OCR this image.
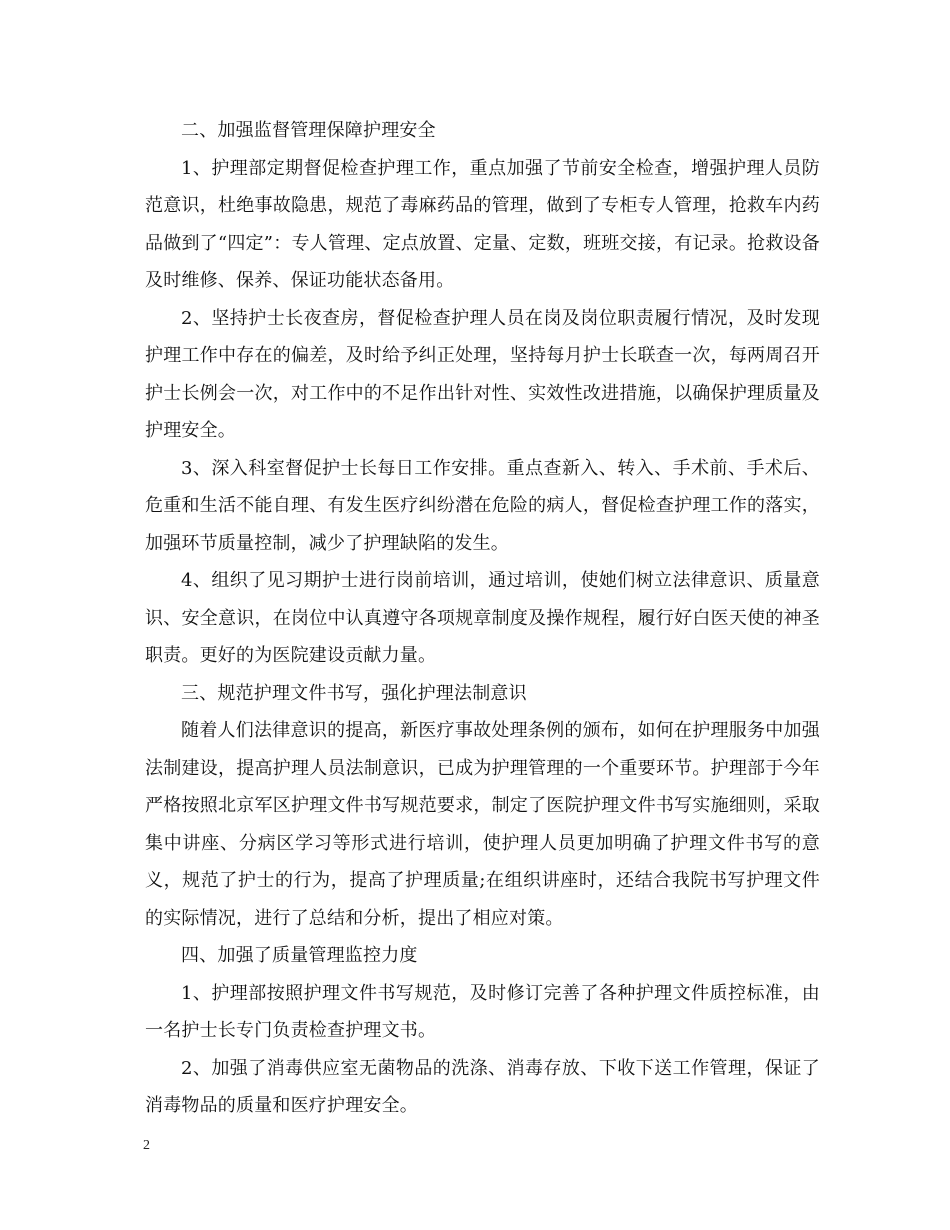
二、加强监督管理保障护理安全

1、护理部定期督促检查护理工作，重点加强了节前安全检查，增强护理人员防范意识，杜绝事故隐患，规范了毒麻药品的管理，做到了专柜专人管理，抢救车内药品做到了“四定”：专人管理、定点放置、定量、定数，班班交接，有记录。抢救设备及时维修、保养、保证功能状态备用。

2、坚持护士长夜查房，督促检查护理人员在岗及岗位职责履行情况，及时发现护理工作中存在的偏差，及时给予纠正处理，坚持每月护士长联查一次，每两周召开护士长例会一次，对工作中的不足作出针对性、实效性改进措施，以确保护理质量及护理安全。

3、深入科室督促护士长每日工作安排。重点查新入、转入、手术前、手术后、危重和生活不能自理、有发生医疗纠纷潜在危险的病人，督促检查护理工作的落实，加强环节质量控制，减少了护理缺陷的发生。

4、组织了见习期护士进行岗前培训，通过培训，使她们树立法律意识、质量意识、安全意识，在岗位中认真遵守各项规章制度及操作规程，履行好白医天使的神圣职责。更好的为医院建设贡献力量。

三、规范护理文件书写，强化护理法制意识

随着人们法律意识的提高，新医疗事故处理条例的颁布，如何在护理服务中加强法制建设，提高护理人员法制意识，已成为护理管理的一个重要环节。护理部于今年严格按照北京军区护理文件书写规范要求，制定了医院护理文件书写实施细则，采取集中讲座、分病区学习等形式进行培训，使护理人员更加明确了护理文件书写的意义，规范了护士的行为，提高了护理质量;在组织讲座时，还结合我院书写护理文件的实际情况，进行了总结和分析，提出了相应对策。

四、加强了质量管理监控力度

1、护理部按照护理文件书写规范，及时修订完善了各种护理文件质控标准，由一名护士长专门负责检查护理文书。

2、加强了消毒供应室无菌物品的洗涤、消毒存放、下收下送工作管理，保证了消毒物品的质量和医疗护理安全。

2
